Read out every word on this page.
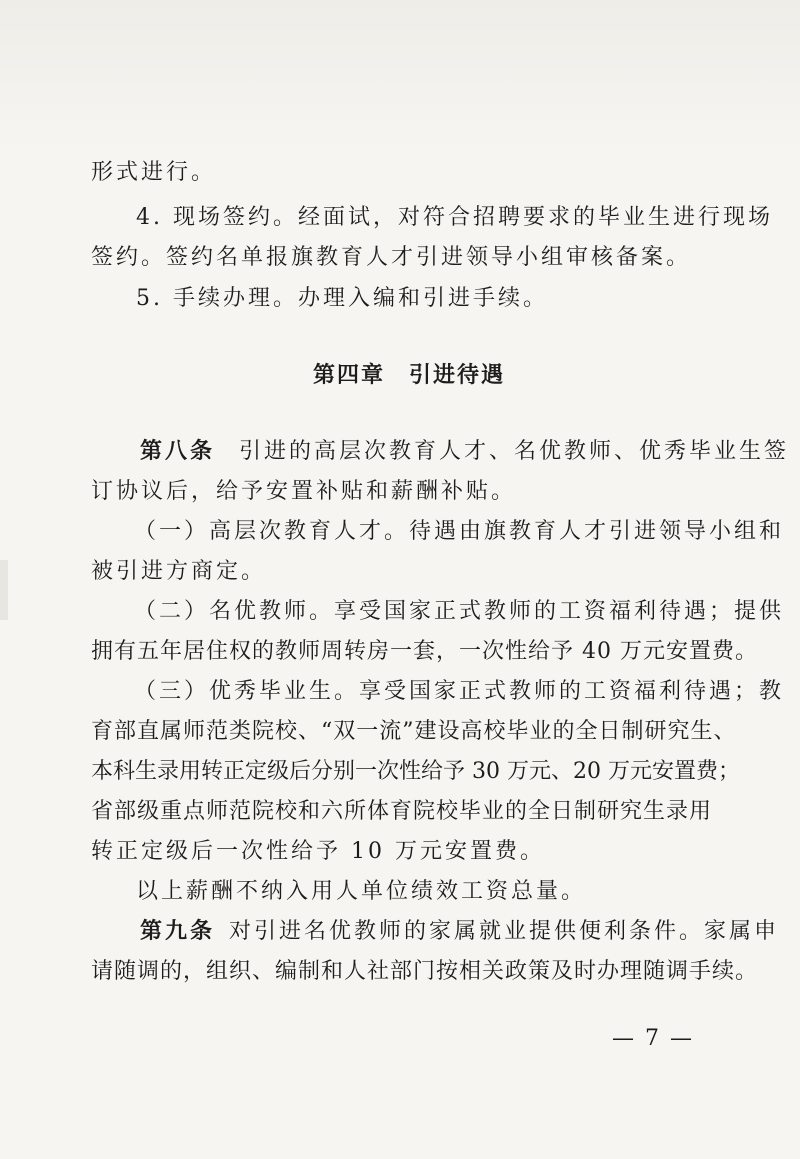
形式进行。
4. 现场签约。经面试，对符合招聘要求的毕业生进行现场
签约。签约名单报旗教育人才引进领导小组审核备案。
5. 手续办理。办理入编和引进手续。
第四章　引进待遇
第八条 引进的高层次教育人才、名优教师、优秀毕业生签
订协议后，给予安置补贴和薪酬补贴。
（一）高层次教育人才。待遇由旗教育人才引进领导小组和
被引进方商定。
（二）名优教师。享受国家正式教师的工资福利待遇；提供
拥有五年居住权的教师周转房一套，一次性给予 40 万元安置费。
（三）优秀毕业生。享受国家正式教师的工资福利待遇；教
育部直属师范类院校、“双一流”建设高校毕业的全日制研究生、
本科生录用转正定级后分别一次性给予 30 万元、20 万元安置费；
省部级重点师范院校和六所体育院校毕业的全日制研究生录用
转正定级后一次性给予 10 万元安置费。
以上薪酬不纳入用人单位绩效工资总量。
第九条 对引进名优教师的家属就业提供便利条件。家属申
请随调的，组织、编制和人社部门按相关政策及时办理随调手续。
— 7 —
